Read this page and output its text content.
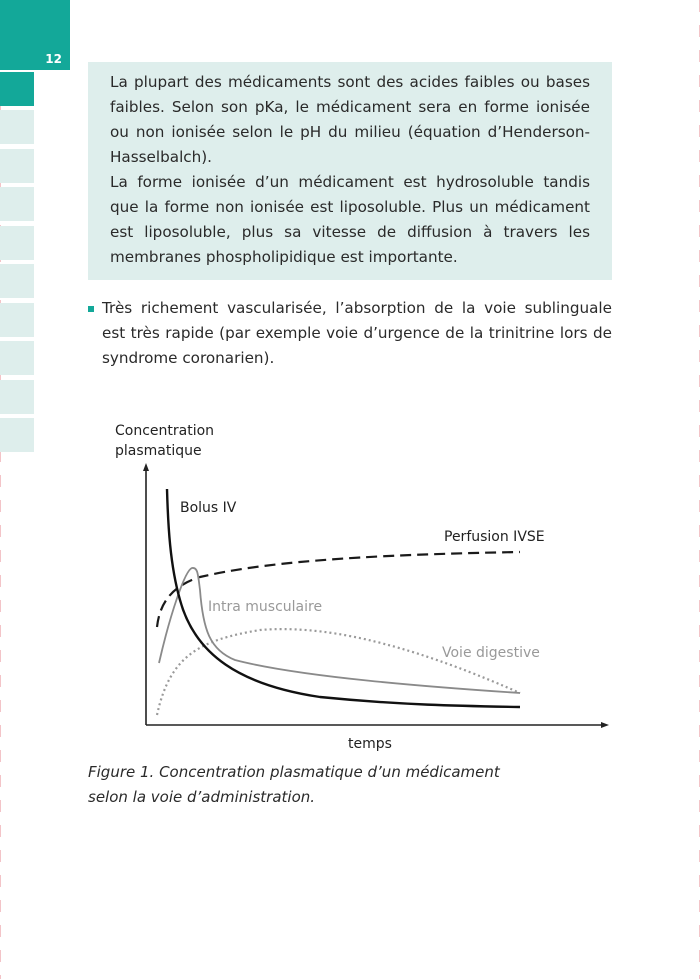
12

La plupart des médicaments sont des acides faibles ou bases faibles. Selon son pKa, le médicament sera en forme ionisée ou non ionisée selon le pH du milieu (équation d’Henderson-Hasselbalch).

La forme ionisée d’un médicament est hydrosoluble tandis que la forme non ionisée est liposoluble. Plus un médicament est liposoluble, plus sa vitesse de diffusion à travers les membranes phospholipidique est importante.

Très richement vascularisée, l’absorption de la voie sublinguale est très rapide (par exemple voie d’urgence de la trinitrine lors de syndrome coronarien).

Concentration
plasmatique
Bolus IV
Perfusion IVSE
Intra musculaire
Voie digestive
temps

Figure 1. Concentration plasmatique d’un médicament

selon la voie d’administration.
